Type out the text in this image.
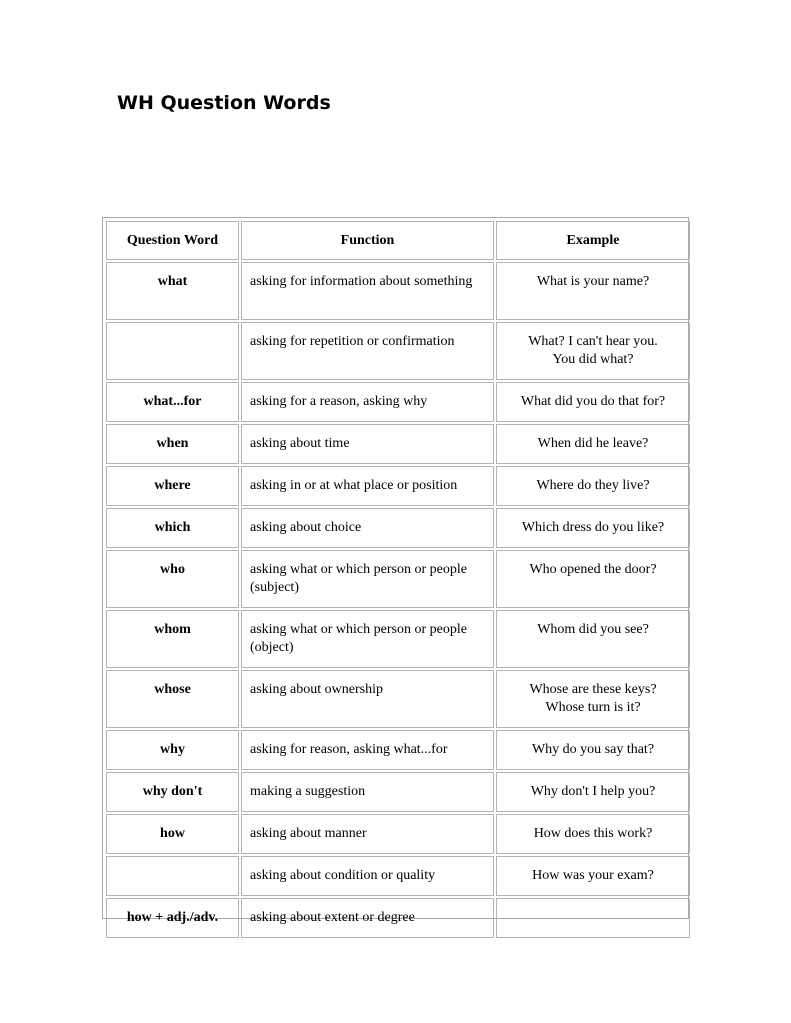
WH Question Words
Question Word	Function	Example
what	asking for information about something	What is your name?

	asking for repetition or confirmation	What? I can't hear you.
You did what?

what...for	asking for a reason, asking why	What did you do that for?

when	asking about time	When did he leave?

where	asking in or at what place or position	Where do they live?

which	asking about choice	Which dress do you like?

who	asking what or which person or people (subject)	Who opened the door?

whom	asking what or which person or people (object)	Whom did you see?

whose	asking about ownership	Whose are these keys?
Whose turn is it?

why	asking for reason, asking what...for	Why do you say that?

why don't	making a suggestion	Why don't I help you?

how	asking about manner	How does this work?

	asking about condition or quality	How was your exam?

how + adj./adv.	asking about extent or degree	
